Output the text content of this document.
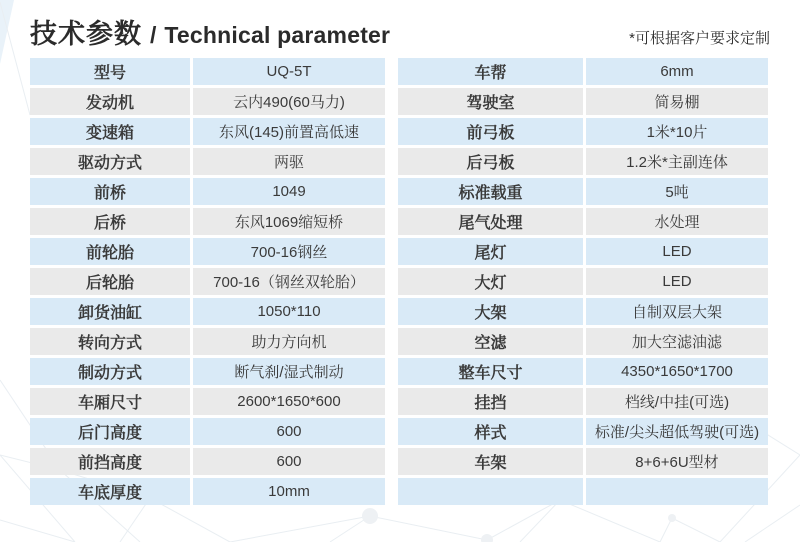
技术参数 / Technical parameter	*可根据客户要求定制
型号	UQ-5T
发动机	云内490(60马力)
变速箱	东风(145)前置高低速
驱动方式	两驱
前桥	1049
后桥	东风1069缩短桥
前轮胎	700-16钢丝
后轮胎	700-16（钢丝双轮胎）
卸货油缸	1050*110
转向方式	助力方向机
制动方式	断气刹/湿式制动
车厢尺寸	2600*1650*600
后门高度	600
前挡高度	600
车底厚度	10mm
车帮	6mm
驾驶室	简易棚
前弓板	1米*10片
后弓板	1.2米*主副连体
标准载重	5吨
尾气处理	水处理
尾灯	LED
大灯	LED
大架	自制双层大架
空滤	加大空滤油滤
整车尺寸	4350*1650*1700
挂挡	档线/中挂(可选)
样式	标准/尖头超低驾驶(可选)
车架	8+6+6U型材
